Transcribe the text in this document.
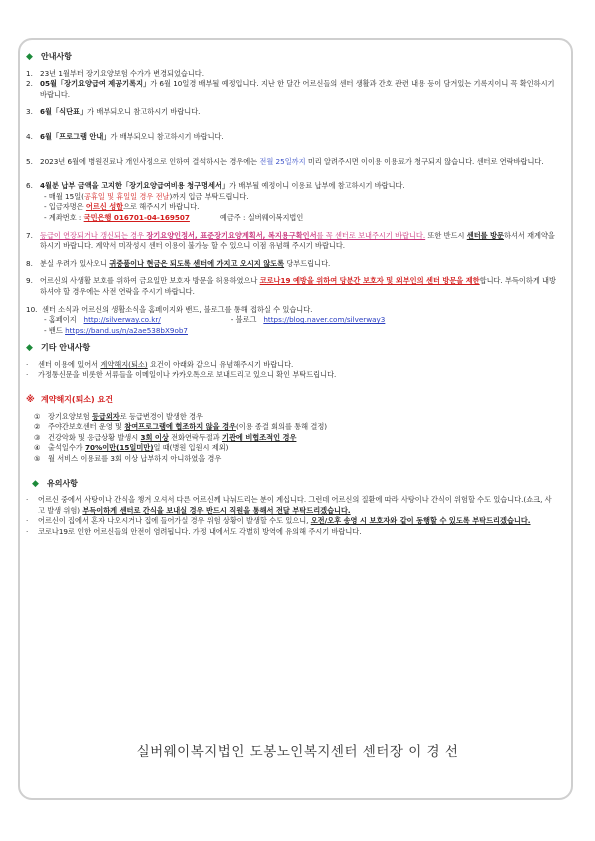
◆ 안내사항
1. 23년 1월부터 장기요양보험 수가가 변경되었습니다.
2. 05월「장기요양급여 제공기록지」가 6월 10일경 배부될 예정입니다. 지난 한 달간 어르신들의 센터 생활과 간호 관련 내용 등이 담겨있는 기록지이니 꼭 확인하시기 바랍니다.
3. 6월「식단표」가 배부되오니 참고하시기 바랍니다.
4. 6월「프로그램 안내」가 배부되오니 참고하시기 바랍니다.
5. 2023년 6월에 병원진료나 개인사정으로 인하여 결석하시는 경우에는 전월 25일까지 미리 알려주시면 이이용 이용료가 청구되지 않습니다. 센터로 연락바랍니다.
6. 4월분 납부 금액을 고지한「장기요양급여비용 청구명세서」가 배부될 예정이니 이용료 납부에 참고하시기 바랍니다.
- 매월 15일(공휴일 및 휴일일 경우 전날)까지 입금 부탁드립니다.
- 입금자명은 어르신 성함으로 해주시기 바랍니다.
- 계좌번호 : 국민은행 016701-04-169507	예금주 : 실버웨이복지법인
7. 등급이 연장되거나 갱신되는 경우 장기요양인정서, 표준장기요양계획서, 복지용구확인서를 꼭 센터로 보내주시기 바랍니다. 또한 반드시 센터를 방문하셔서 재계약을 하시기 바랍니다. 계약서 미작성시 센터 이용이 불가능 할 수 있으니 이점 유념해 주시기 바랍니다.
8. 분실 우려가 있사오니 귀중품이나 현금은 되도록 센터에 가지고 오시지 않도록 당부드립니다.
9. 어르신의 사생활 보호를 위하여 금요일만 보호자 방문을 허용하였으나 코로나19 예방을 위하여 당분간 보호자 및 외부인의 센터 방문을 제한합니다. 부득이하게 내방하셔야 할 경우에는 사전 연락을 주시기 바랍니다.
10. 센터 소식과 어르신의 생활소식을 홈페이지와 밴드, 블로그를 통해 접하실 수 있습니다.
- 홈페이지 http://silverway.co.kr/	- 블로그 https://blog.naver.com/silverway3
- 밴드 https://band.us/n/a2ae538bX9ob7
◆ 기타 안내사항
·	센터 이용에 있어서 계약해지(퇴소) 요건이 아래와 같으니 유념해주시기 바랍니다.
·	가정통신문을 비롯한 서류들을 이메일이나 카카오톡으로 보내드리고 있으니 확인 부탁드립니다.
※ 계약해지(퇴소) 요건
① 장기요양보험 등급외자로 등급변경이 발생한 경우
② 주야간보호센터 운영 및 참여프로그램에 협조하지 않을 경우(이용 종결 회의를 통해 결정)
③ 건강악화 및 응급상황 발생시 3회 이상 전화연락두절과 기관에 비협조적인 경우
④ 출석일수가 70%이만(15일미만)일 때(병원 입원시 제외)
⑤ 월 서비스 이용료를 3회 이상 납부하지 아니하였을 경우
◆ 유의사항
·	어르신 중에서 사탕이나 간식을 챙겨 오셔서 다른 어르신께 나눠드리는 분이 계십니다. 그런데 어르신의 질환에 따라 사탕이나 간식이 위험할 수도 있습니다.(쇼크, 사고 발생 위험) 부득이하게 센터로 간식을 보내실 경우 반드시 직원을 통해서 전달 부탁드리겠습니다.
·	어르신이 집에서 혼자 나오시거나 집에 들어가실 경우 위험 상황이 발생할 수도 있으니, 오전/오후 송영 시 보호자와 같이 동행할 수 있도록 부탁드리겠습니다.
·	코로나19로 인한 어르신들의 안전이 염려됩니다. 가정 내에서도 각별히 방역에 유의해 주시기 바랍니다.
실버웨이복지법인 도봉노인복지센터 센터장 이 경 선
